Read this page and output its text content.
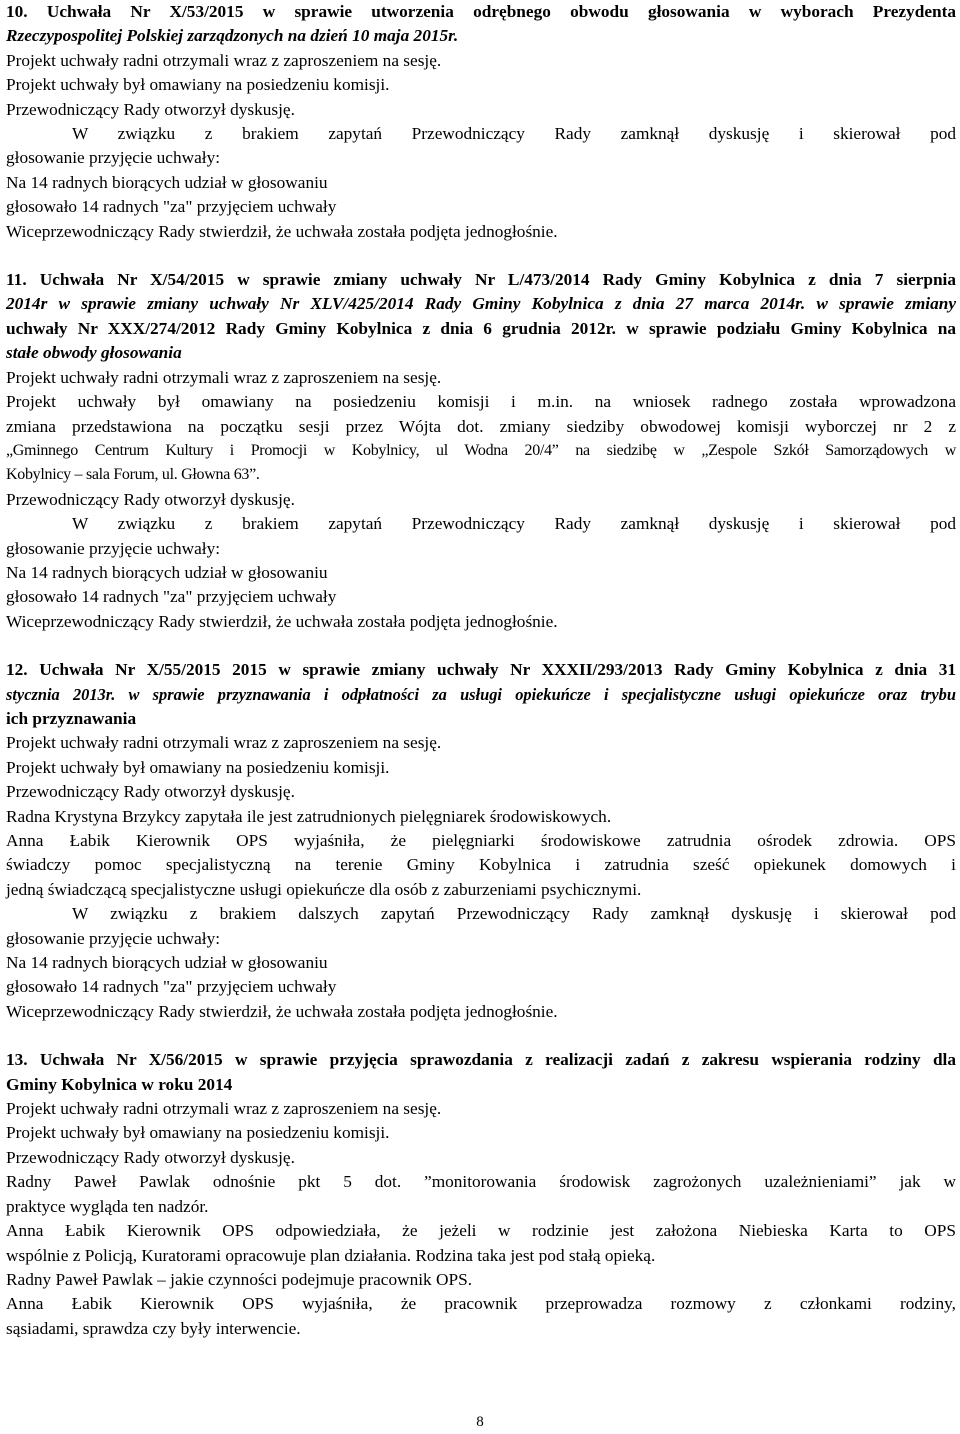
10. Uchwała Nr X/53/2015 w sprawie utworzenia odrębnego obwodu głosowania w wyborach Prezydenta
Rzeczypospolitej Polskiej zarządzonych na dzień 10 maja 2015r.
Projekt uchwały radni otrzymali wraz z zaproszeniem na sesję.
Projekt uchwały był omawiany na posiedzeniu komisji.
Przewodniczący Rady otworzył dyskusję.
W związku z brakiem zapytań Przewodniczący Rady zamknął dyskusję i skierował pod
głosowanie przyjęcie uchwały:
Na 14 radnych biorących udział w głosowaniu
głosowało 14 radnych "za" przyjęciem uchwały
Wiceprzewodniczący Rady stwierdził, że uchwała została podjęta jednogłośnie.
11. Uchwała Nr X/54/2015 w sprawie zmiany uchwały Nr L/473/2014 Rady Gminy Kobylnica z dnia 7 sierpnia
2014r w sprawie zmiany uchwały Nr XLV/425/2014 Rady Gminy Kobylnica z dnia 27 marca 2014r. w sprawie zmiany
uchwały Nr XXX/274/2012 Rady Gminy Kobylnica z dnia 6 grudnia 2012r. w sprawie podziału Gminy Kobylnica na
stałe obwody głosowania
Projekt uchwały radni otrzymali wraz z zaproszeniem na sesję.
Projekt uchwały był omawiany na posiedzeniu komisji i m.in. na wniosek radnego została wprowadzona
zmiana przedstawiona na początku sesji przez Wójta dot. zmiany siedziby obwodowej komisji wyborczej nr 2 z
„Gminnego Centrum Kultury i Promocji w Kobylnicy, ul Wodna 20/4” na siedzibę w „Zespole Szkół Samorządowych w
Kobylnicy – sala Forum, ul. Głowna 63”.
Przewodniczący Rady otworzył dyskusję.
W związku z brakiem zapytań Przewodniczący Rady zamknął dyskusję i skierował pod
głosowanie przyjęcie uchwały:
Na 14 radnych biorących udział w głosowaniu
głosowało 14 radnych "za" przyjęciem uchwały
Wiceprzewodniczący Rady stwierdził, że uchwała została podjęta jednogłośnie.
12. Uchwała Nr X/55/2015 2015 w sprawie zmiany uchwały Nr XXXII/293/2013 Rady Gminy Kobylnica z dnia 31
stycznia 2013r. w sprawie przyznawania i odpłatności za usługi opiekuńcze i specjalistyczne usługi opiekuńcze oraz trybu
ich przyznawania
Projekt uchwały radni otrzymali wraz z zaproszeniem na sesję.
Projekt uchwały był omawiany na posiedzeniu komisji.
Przewodniczący Rady otworzył dyskusję.
Radna Krystyna Brzykcy zapytała ile jest zatrudnionych pielęgniarek środowiskowych.
Anna Łabik Kierownik OPS wyjaśniła, że pielęgniarki środowiskowe zatrudnia ośrodek zdrowia. OPS
świadczy pomoc specjalistyczną na terenie Gminy Kobylnica i zatrudnia sześć opiekunek domowych i
jedną świadczącą specjalistyczne usługi opiekuńcze dla osób z zaburzeniami psychicznymi.
W związku z brakiem dalszych zapytań Przewodniczący Rady zamknął dyskusję i skierował pod
głosowanie przyjęcie uchwały:
Na 14 radnych biorących udział w głosowaniu
głosowało 14 radnych "za" przyjęciem uchwały
Wiceprzewodniczący Rady stwierdził, że uchwała została podjęta jednogłośnie.
13. Uchwała Nr X/56/2015 w sprawie przyjęcia sprawozdania z realizacji zadań z zakresu wspierania rodziny dla
Gminy Kobylnica w roku 2014
Projekt uchwały radni otrzymali wraz z zaproszeniem na sesję.
Projekt uchwały był omawiany na posiedzeniu komisji.
Przewodniczący Rady otworzył dyskusję.
Radny Paweł Pawlak odnośnie pkt 5 dot. ”monitorowania środowisk zagrożonych uzależnieniami” jak w
praktyce wygląda ten nadzór.
Anna Łabik Kierownik OPS odpowiedziała, że jeżeli w rodzinie jest założona Niebieska Karta to OPS
wspólnie z Policją, Kuratorami opracowuje plan działania. Rodzina taka jest pod stałą opieką.
Radny Paweł Pawlak – jakie czynności podejmuje pracownik OPS.
Anna Łabik Kierownik OPS wyjaśniła, że pracownik przeprowadza rozmowy z członkami rodziny,
sąsiadami, sprawdza czy były interwencie.
8
